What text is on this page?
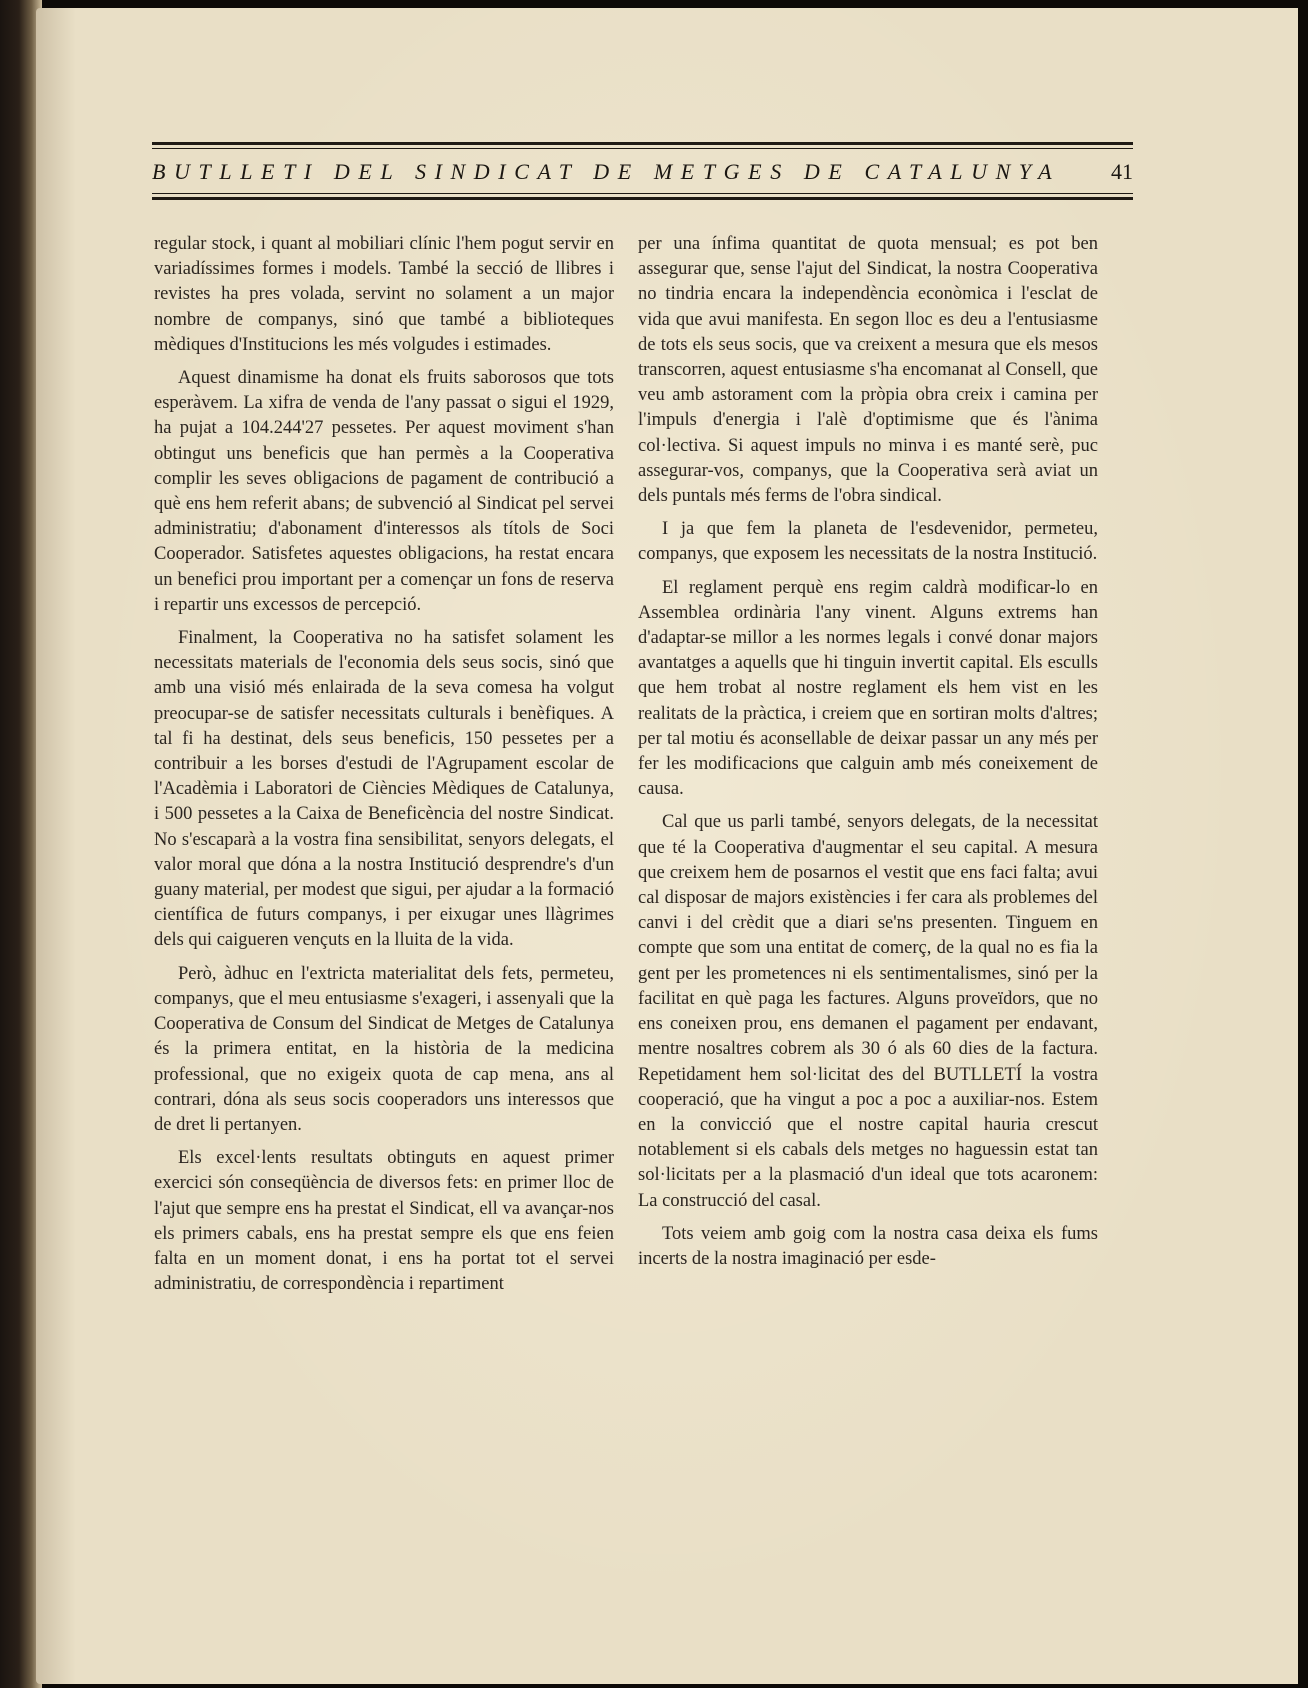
BUTLLETI DEL SINDICAT DE METGES DE CATALUNYA	41

regular stock, i quant al mobiliari clínic l'hem pogut servir en variadíssimes formes i models. També la secció de llibres i revistes ha pres volada, servint no solament a un major nombre de companys, sinó que també a biblioteques mèdiques d'Institucions les més volgudes i estimades.

Aquest dinamisme ha donat els fruits saborosos que tots esperàvem. La xifra de venda de l'any passat o sigui el 1929, ha pujat a 104.244'27 pessetes. Per aquest moviment s'han obtingut uns beneficis que han permès a la Cooperativa complir les seves obligacions de pagament de contribució a què ens hem referit abans; de subvenció al Sindicat pel servei administratiu; d'abonament d'interessos als títols de Soci Cooperador. Satisfetes aquestes obligacions, ha restat encara un benefici prou important per a començar un fons de reserva i repartir uns excessos de percepció.

Finalment, la Cooperativa no ha satisfet solament les necessitats materials de l'economia dels seus socis, sinó que amb una visió més enlairada de la seva comesa ha volgut preocupar-se de satisfer necessitats culturals i benèfiques. A tal fi ha destinat, dels seus beneficis, 150 pessetes per a contribuir a les borses d'estudi de l'Agrupament escolar de l'Acadèmia i Laboratori de Ciències Mèdiques de Catalunya, i 500 pessetes a la Caixa de Beneficència del nostre Sindicat. No s'escaparà a la vostra fina sensibilitat, senyors delegats, el valor moral que dóna a la nostra Institució desprendre's d'un guany material, per modest que sigui, per ajudar a la formació científica de futurs companys, i per eixugar unes llàgrimes dels qui caigueren vençuts en la lluita de la vida.

Però, àdhuc en l'extricta materialitat dels fets, permeteu, companys, que el meu entusiasme s'exageri, i assenyali que la Cooperativa de Consum del Sindicat de Metges de Catalunya és la primera entitat, en la història de la medicina professional, que no exigeix quota de cap mena, ans al contrari, dóna als seus socis cooperadors uns interessos que de dret li pertanyen.

Els excel·lents resultats obtinguts en aquest primer exercici són conseqüència de diversos fets: en primer lloc de l'ajut que sempre ens ha prestat el Sindicat, ell va avançar-nos els primers cabals, ens ha prestat sempre els que ens feien falta en un moment donat, i ens ha portat tot el servei administratiu, de correspondència i repartiment

per una ínfima quantitat de quota mensual; es pot ben assegurar que, sense l'ajut del Sindicat, la nostra Cooperativa no tindria encara la independència econòmica i l'esclat de vida que avui manifesta. En segon lloc es deu a l'entusiasme de tots els seus socis, que va creixent a mesura que els mesos transcorren, aquest entusiasme s'ha encomanat al Consell, que veu amb astorament com la pròpia obra creix i camina per l'impuls d'energia i l'alè d'optimisme que és l'ànima col·lectiva. Si aquest impuls no minva i es manté serè, puc assegurar-vos, companys, que la Cooperativa serà aviat un dels puntals més ferms de l'obra sindical.

I ja que fem la planeta de l'esdevenidor, permeteu, companys, que exposem les necessitats de la nostra Institució.

El reglament perquè ens regim caldrà modificar-lo en Assemblea ordinària l'any vinent. Alguns extrems han d'adaptar-se millor a les normes legals i convé donar majors avantatges a aquells que hi tinguin invertit capital. Els esculls que hem trobat al nostre reglament els hem vist en les realitats de la pràctica, i creiem que en sortiran molts d'altres; per tal motiu és aconsellable de deixar passar un any més per fer les modificacions que calguin amb més coneixement de causa.

Cal que us parli també, senyors delegats, de la necessitat que té la Cooperativa d'augmentar el seu capital. A mesura que creixem hem de posarnos el vestit que ens faci falta; avui cal disposar de majors existències i fer cara als problemes del canvi i del crèdit que a diari se'ns presenten. Tinguem en compte que som una entitat de comerç, de la qual no es fia la gent per les prometences ni els sentimentalismes, sinó per la facilitat en què paga les factures. Alguns proveïdors, que no ens coneixen prou, ens demanen el pagament per endavant, mentre nosaltres cobrem als 30 ó als 60 dies de la factura. Repetidament hem sol·licitat des del BUTLLETÍ la vostra cooperació, que ha vingut a poc a poc a auxiliar-nos. Estem en la convicció que el nostre capital hauria crescut notablement si els cabals dels metges no haguessin estat tan sol·licitats per a la plasmació d'un ideal que tots acaronem: La construcció del casal.

Tots veiem amb goig com la nostra casa deixa els fums incerts de la nostra imaginació per esde-
